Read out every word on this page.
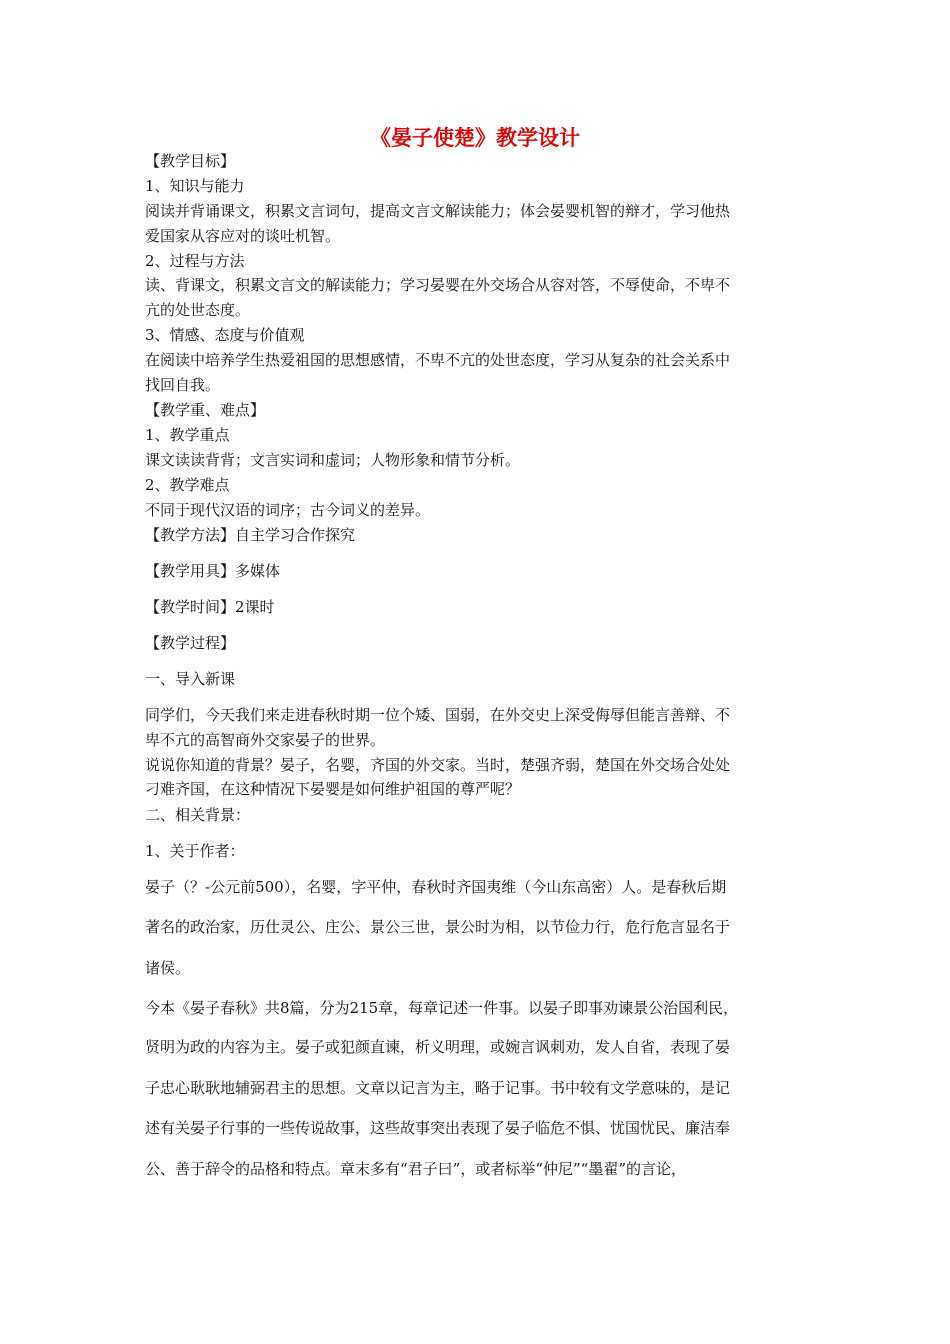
《晏子使楚》教学设计
【教学目标】
1、知识与能力
阅读并背诵课文，积累文言词句，提高文言文解读能力；体会晏婴机智的辩才，学习他热
爱国家从容应对的谈吐机智。
2、过程与方法
读、背课文，积累文言文的解读能力；学习晏婴在外交场合从容对答，不辱使命，不卑不
亢的处世态度。
3、情感、态度与价值观
在阅读中培养学生热爱祖国的思想感情，不卑不亢的处世态度，学习从复杂的社会关系中
找回自我。
【教学重、难点】
1、教学重点
课文读读背背；文言实词和虚词；人物形象和情节分析。
2、教学难点
不同于现代汉语的词序；古今词义的差异。
【教学方法】自主学习合作探究
【教学用具】多媒体
【教学时间】2课时
【教学过程】
一、导入新课
同学们，今天我们来走进春秋时期一位个矮、国弱，在外交史上深受侮辱但能言善辩、不
卑不亢的高智商外交家晏子的世界。
说说你知道的背景？晏子，名婴，齐国的外交家。当时，楚强齐弱，楚国在外交场合处处
刁难齐国，在这种情况下晏婴是如何维护祖国的尊严呢？
二、相关背景：
1、关于作者：
晏子（？-公元前500），名婴，字平仲，春秋时齐国夷维（今山东高密）人。是春秋后期
著名的政治家，历仕灵公、庄公、景公三世，景公时为相，以节俭力行，危行危言显名于
诸侯。
今本《晏子春秋》共8篇，分为215章，每章记述一件事。以晏子即事劝谏景公治国利民，
贤明为政的内容为主。晏子或犯颜直谏，析义明理，或婉言讽刺劝，发人自省，表现了晏
子忠心耿耿地辅弼君主的思想。文章以记言为主，略于记事。书中较有文学意味的，是记
述有关晏子行事的一些传说故事，这些故事突出表现了晏子临危不惧、忧国忧民、廉洁奉
公、善于辞令的品格和特点。章末多有“君子曰”，或者标举“仲尼”“墨翟”的言论，
